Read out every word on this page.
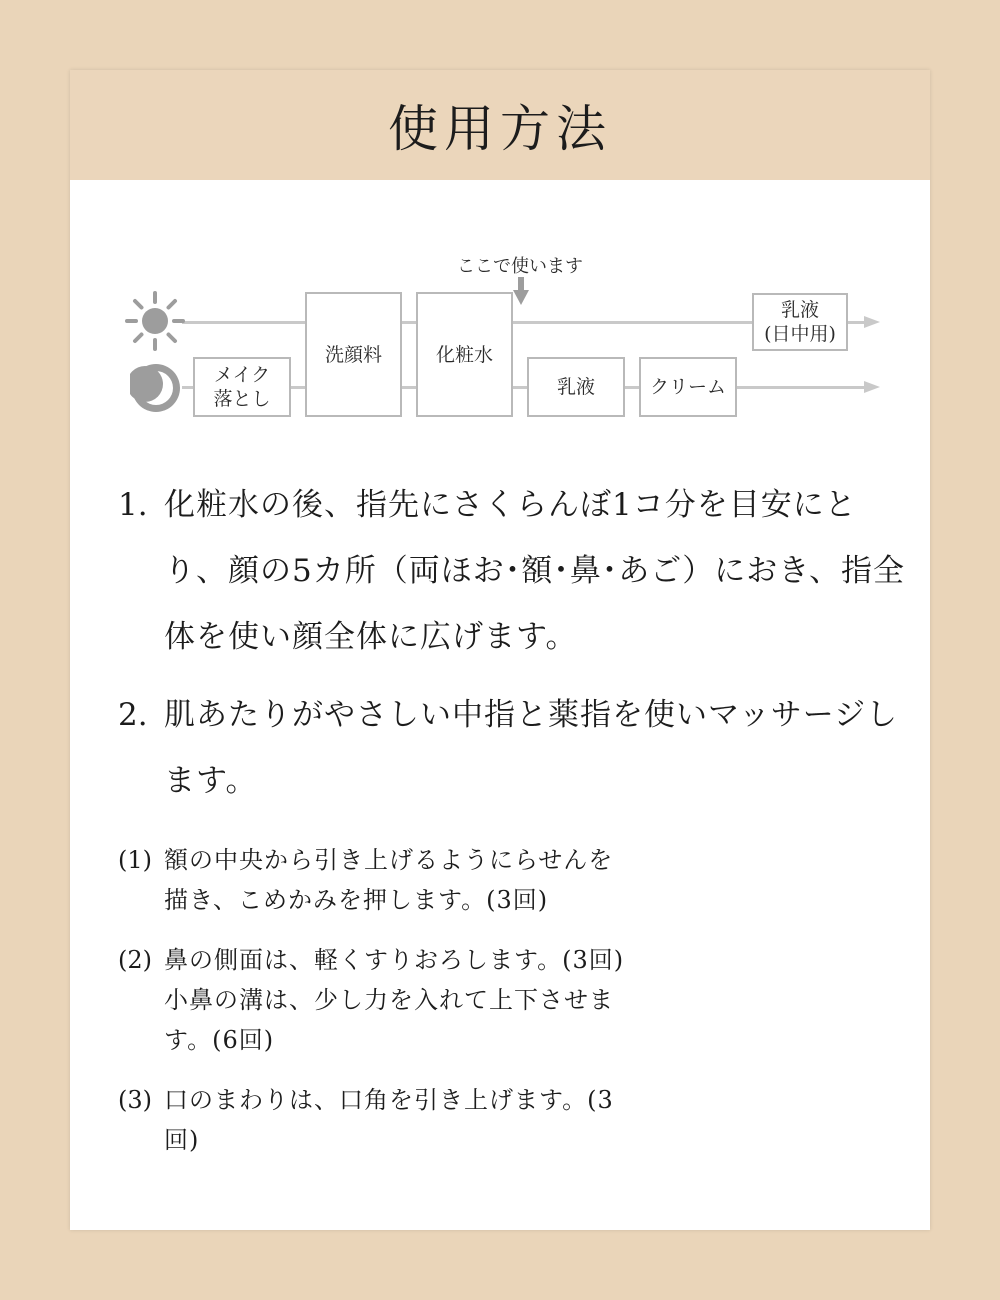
使用方法
ここで使います
メイク
落とし
洗顔料	化粧水
乳液
(日中用)
乳液	クリーム
1. 化粧水の後、指先にさくらんぼ1コ分を目安にとり、顔の5カ所（両ほお･額･鼻･あご）におき、指全体を使い顔全体に広げます。
2. 肌あたりがやさしい中指と薬指を使いマッサージします。
(1) 額の中央から引き上げるようにらせんを描き、こめかみを押します。(3回)
(2) 鼻の側面は、軽くすりおろします。(3回)小鼻の溝は、少し力を入れて上下させます。(6回)
(3) 口のまわりは、口角を引き上げます。(3回)
